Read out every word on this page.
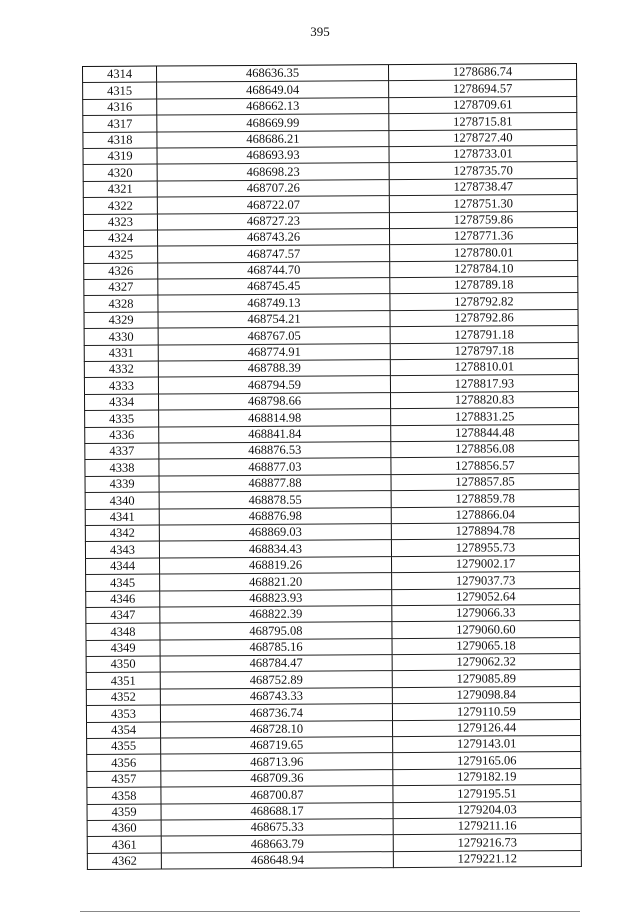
395
4314	468636.35	1278686.74
4315	468649.04	1278694.57
4316	468662.13	1278709.61
4317	468669.99	1278715.81
4318	468686.21	1278727.40
4319	468693.93	1278733.01
4320	468698.23	1278735.70
4321	468707.26	1278738.47
4322	468722.07	1278751.30
4323	468727.23	1278759.86
4324	468743.26	1278771.36
4325	468747.57	1278780.01
4326	468744.70	1278784.10
4327	468745.45	1278789.18
4328	468749.13	1278792.82
4329	468754.21	1278792.86
4330	468767.05	1278791.18
4331	468774.91	1278797.18
4332	468788.39	1278810.01
4333	468794.59	1278817.93
4334	468798.66	1278820.83
4335	468814.98	1278831.25
4336	468841.84	1278844.48
4337	468876.53	1278856.08
4338	468877.03	1278856.57
4339	468877.88	1278857.85
4340	468878.55	1278859.78
4341	468876.98	1278866.04
4342	468869.03	1278894.78
4343	468834.43	1278955.73
4344	468819.26	1279002.17
4345	468821.20	1279037.73
4346	468823.93	1279052.64
4347	468822.39	1279066.33
4348	468795.08	1279060.60
4349	468785.16	1279065.18
4350	468784.47	1279062.32
4351	468752.89	1279085.89
4352	468743.33	1279098.84
4353	468736.74	1279110.59
4354	468728.10	1279126.44
4355	468719.65	1279143.01
4356	468713.96	1279165.06
4357	468709.36	1279182.19
4358	468700.87	1279195.51
4359	468688.17	1279204.03
4360	468675.33	1279211.16
4361	468663.79	1279216.73
4362	468648.94	1279221.12
